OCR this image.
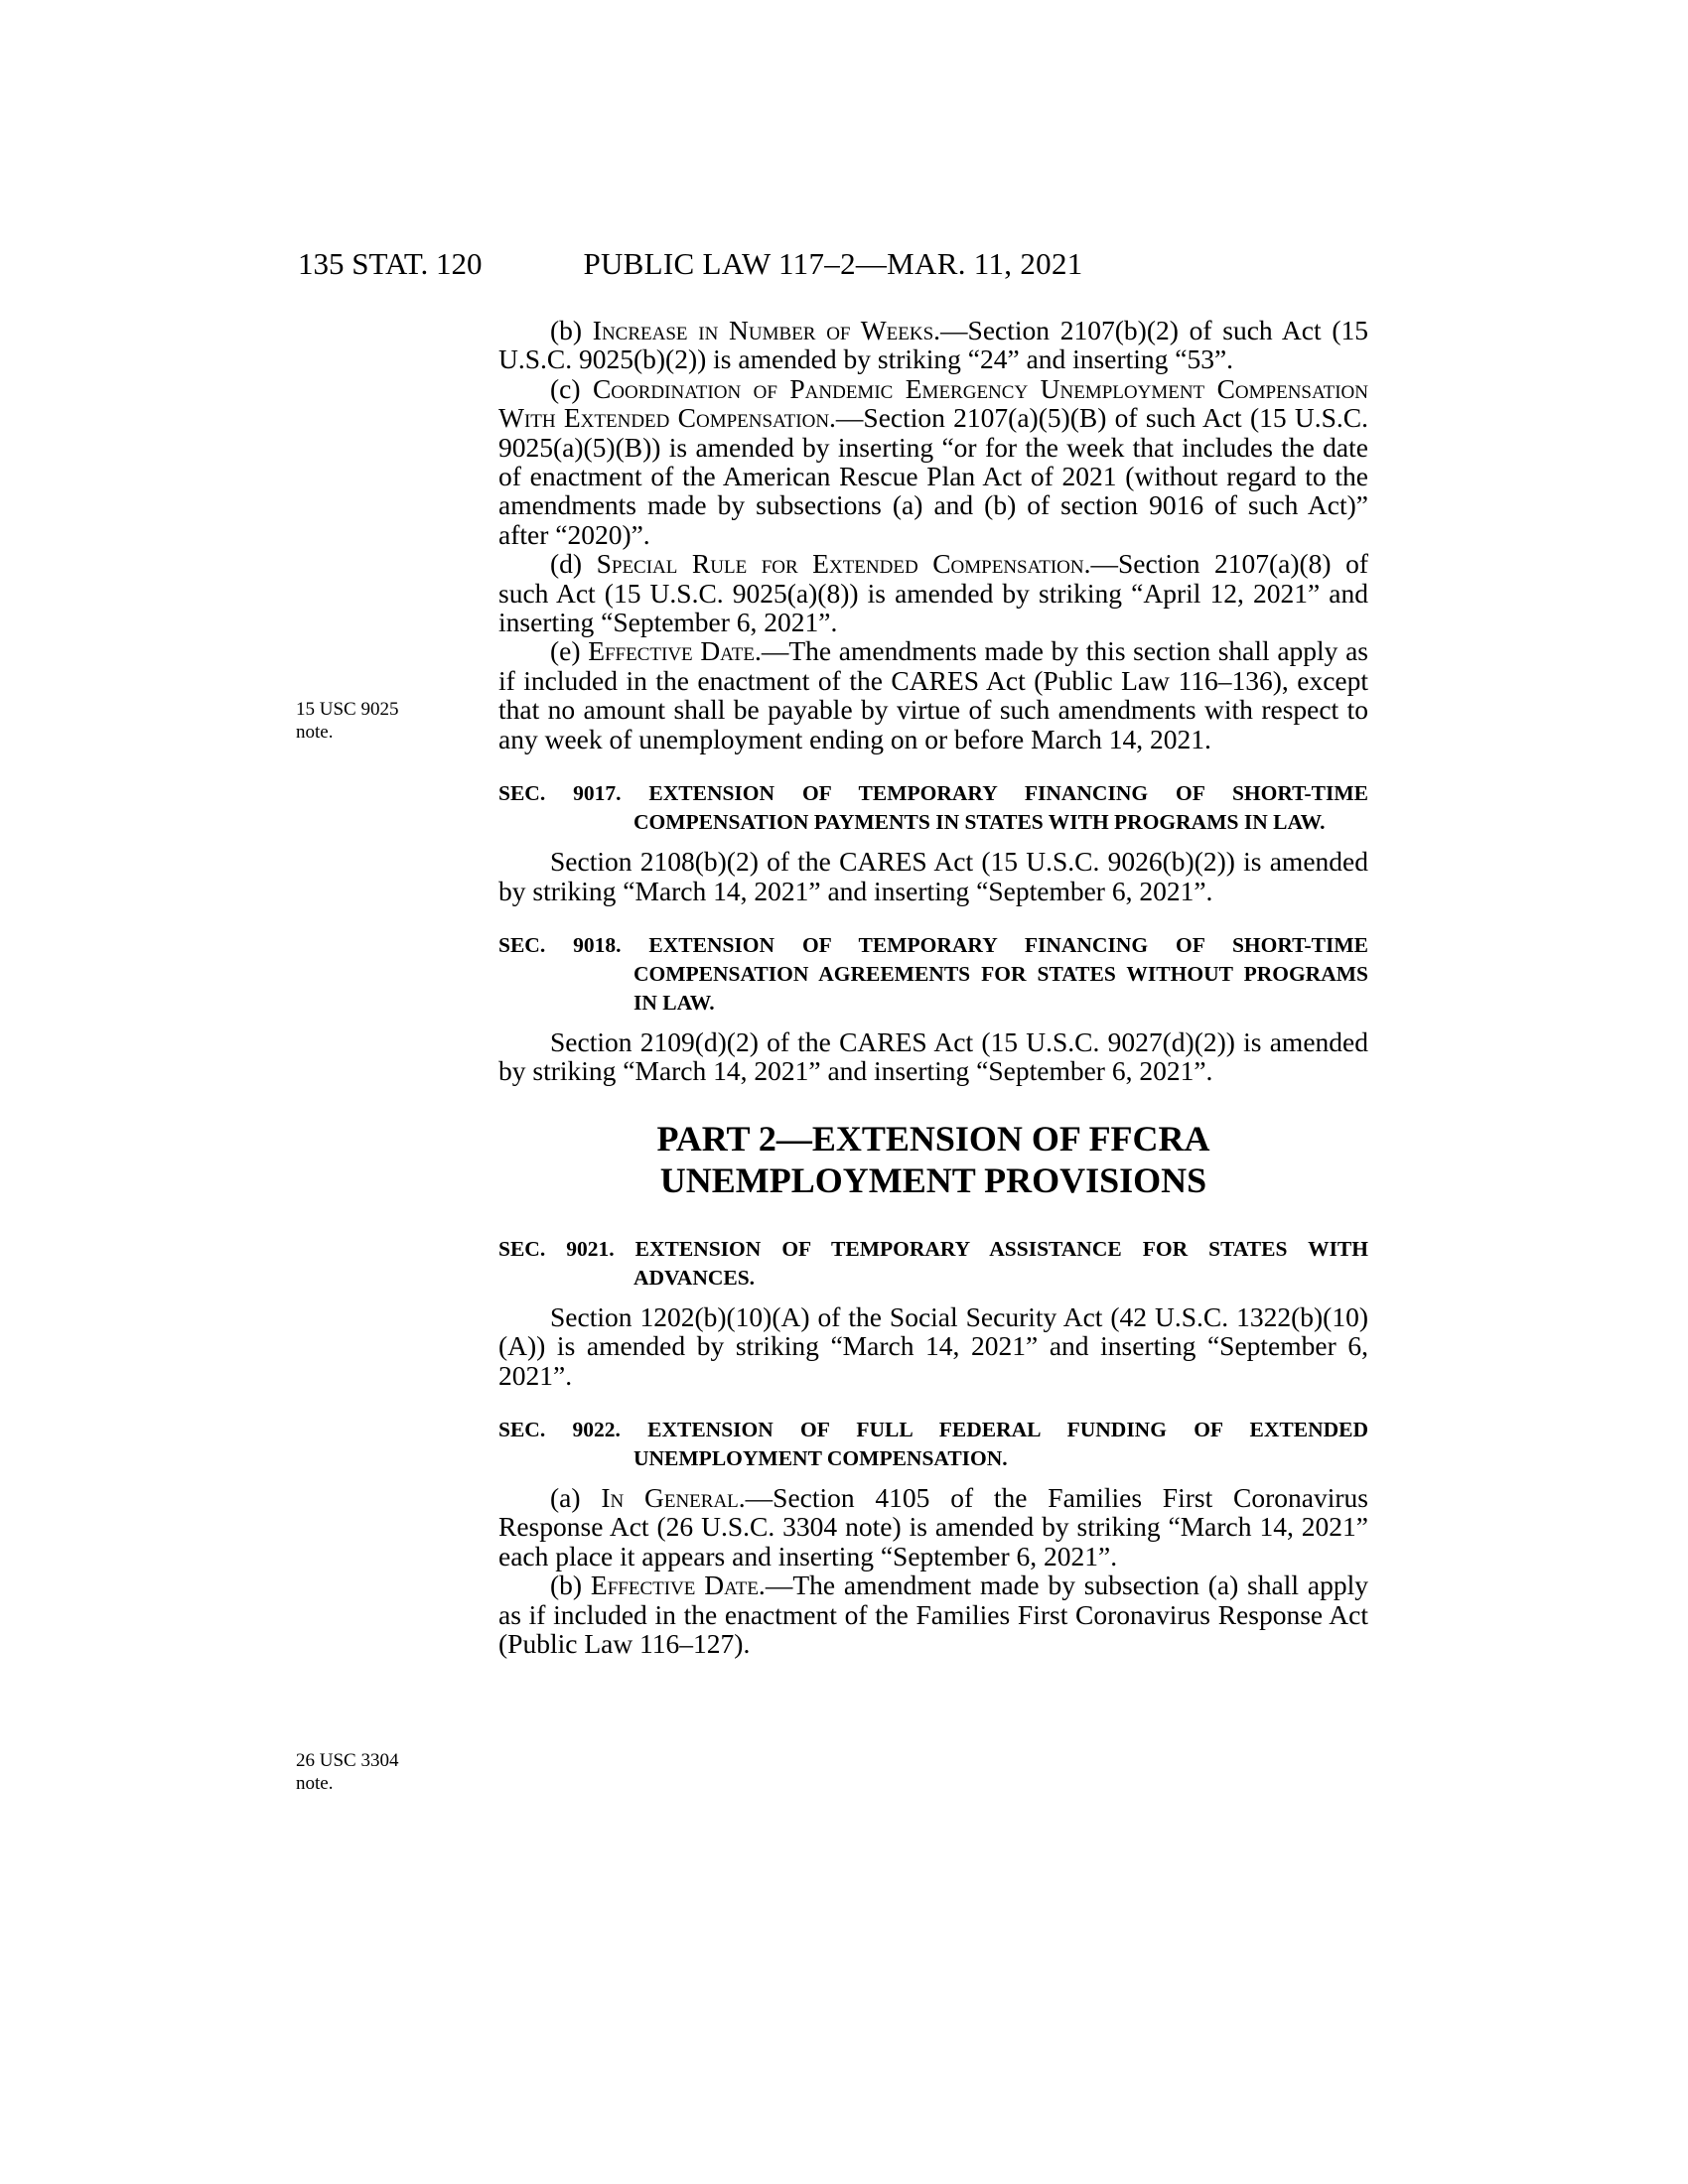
135 STAT. 120	PUBLIC LAW 117–2—MAR. 11, 2021
15 USC 9025
note.
26 USC 3304
note.

(b) Increase in Number of Weeks.—Section 2107(b)(2) of such Act (15 U.S.C. 9025(b)(2)) is amended by striking “24” and inserting “53”.

(c) Coordination of Pandemic Emergency Unemployment Compensation With Extended Compensation.—Section 2107(a)(5)(B) of such Act (15 U.S.C. 9025(a)(5)(B)) is amended by inserting “or for the week that includes the date of enactment of the American Rescue Plan Act of 2021 (without regard to the amendments made by subsections (a) and (b) of section 9016 of such Act)” after “2020)”.

(d) Special Rule for Extended Compensation.—Section 2107(a)(8) of such Act (15 U.S.C. 9025(a)(8)) is amended by striking “April 12, 2021” and inserting “September 6, 2021”.

(e) Effective Date.—The amendments made by this section shall apply as if included in the enactment of the CARES Act (Public Law 116–136), except that no amount shall be payable by virtue of such amendments with respect to any week of unemployment ending on or before March 14, 2021.

SEC. 9017. EXTENSION OF TEMPORARY FINANCING OF SHORT-TIME COMPENSATION PAYMENTS IN STATES WITH PROGRAMS IN LAW.

Section 2108(b)(2) of the CARES Act (15 U.S.C. 9026(b)(2)) is amended by striking “March 14, 2021” and inserting “September 6, 2021”.

SEC. 9018. EXTENSION OF TEMPORARY FINANCING OF SHORT-TIME COMPENSATION AGREEMENTS FOR STATES WITHOUT PROGRAMS IN LAW.

Section 2109(d)(2) of the CARES Act (15 U.S.C. 9027(d)(2)) is amended by striking “March 14, 2021” and inserting “September 6, 2021”.

PART 2—EXTENSION OF FFCRA
UNEMPLOYMENT PROVISIONS
SEC. 9021. EXTENSION OF TEMPORARY ASSISTANCE FOR STATES WITH ADVANCES.

Section 1202(b)(10)(A) of the Social Security Act (42 U.S.C. 1322(b)(10)(A)) is amended by striking “March 14, 2021” and inserting “September 6, 2021”.

SEC. 9022. EXTENSION OF FULL FEDERAL FUNDING OF EXTENDED UNEMPLOYMENT COMPENSATION.

(a) In General.—Section 4105 of the Families First Coronavirus Response Act (26 U.S.C. 3304 note) is amended by striking “March 14, 2021” each place it appears and inserting “September 6, 2021”.

(b) Effective Date.—The amendment made by subsection (a) shall apply as if included in the enactment of the Families First Coronavirus Response Act (Public Law 116–127).
